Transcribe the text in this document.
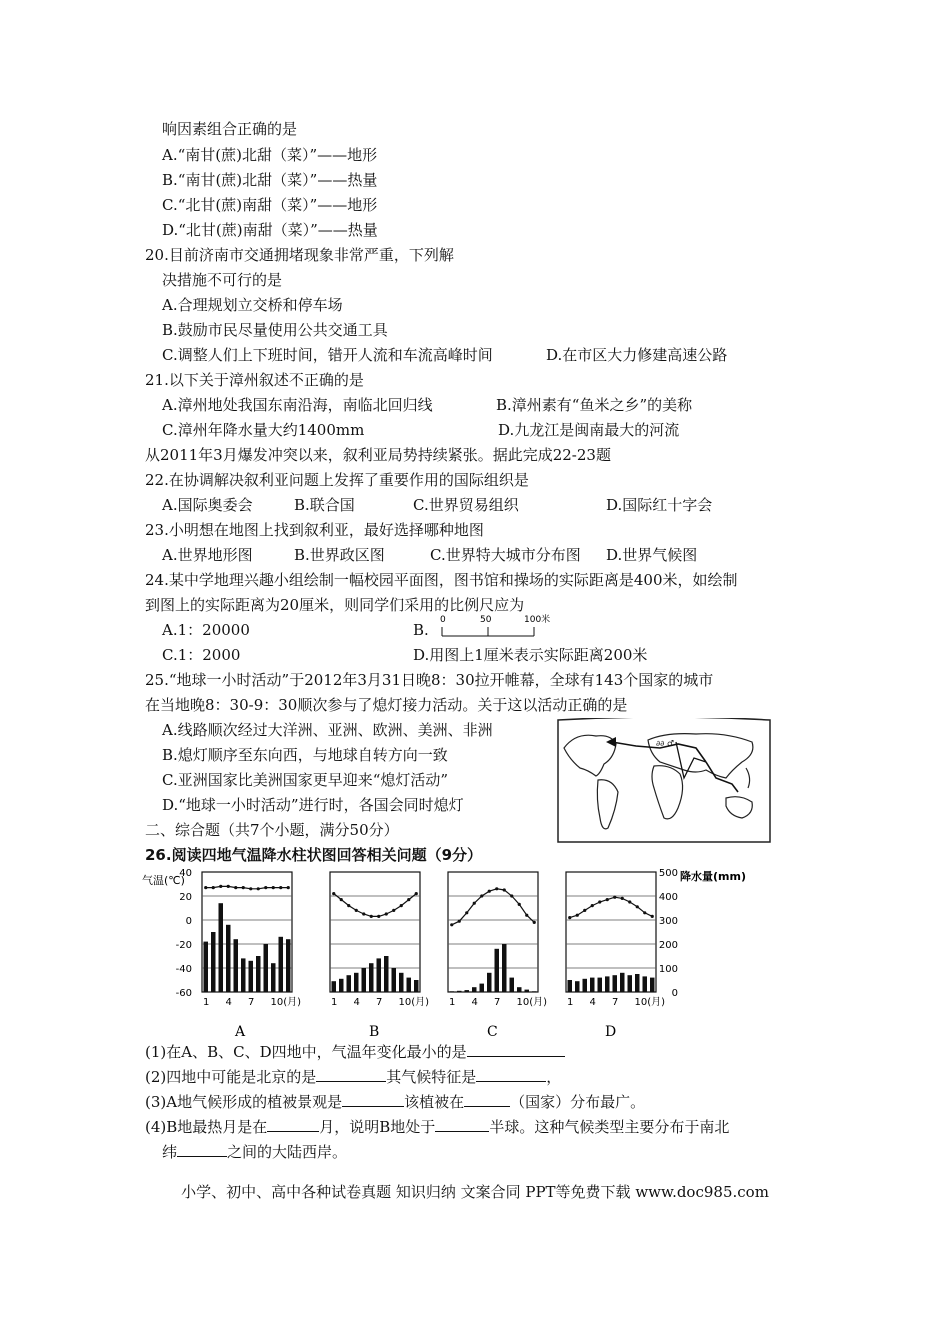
响因素组合正确的是
A.“南甘(蔗)北甜（菜）”——地形
B.“南甘(蔗)北甜（菜）”——热量
C.“北甘(蔗)南甜（菜）”——地形
D.“北甘(蔗)南甜（菜）”——热量
20.目前济南市交通拥堵现象非常严重，下列解
决措施不可行的是
A.合理规划立交桥和停车场
B.鼓励市民尽量使用公共交通工具
C.调整人们上下班时间，错开人流和车流高峰时间	D.在市区大力修建高速公路
21.以下关于漳州叙述不正确的是
A.漳州地处我国东南沿海，南临北回归线	B.漳州素有“鱼米之乡”的美称
C.漳州年降水量大约1400mm	D.九龙江是闽南最大的河流
从2011年3月爆发冲突以来，叙利亚局势持续紧张。据此完成22-23题
22.在协调解决叙利亚问题上发挥了重要作用的国际组织是
A.国际奥委会	B.联合国	C.世界贸易组织	D.国际红十字会
23.小明想在地图上找到叙利亚，最好选择哪种地图
A.世界地形图	B.世界政区图	C.世界特大城市分布图 D.世界气候图
24.某中学地理兴趣小组绘制一幅校园平面图，图书馆和操场的实际距离是400米，如绘制
到图上的实际距离为20厘米，则同学们采用的比例尺应为
A.1：20000	B.
0	50	100米
C.1：2000	D.用图上1厘米表示实际距离200米
25.“地球一小时活动”于2012年3月31日晚8：30拉开帷幕，全球有143个国家的城市
在当地晚8：30-9：30顺次参与了熄灯接力活动。关于这以活动正确的是
A.线路顺次经过大洋洲、亚洲、欧洲、美洲、非洲
B.熄灯顺序至东向西，与地球自转方向一致
C.亚洲国家比美洲国家更早迎来“熄灯活动”
D.“地球一小时活动”进行时，各国会同时熄灯
二、综合题（共7个小题，满分50分）
26.阅读四地气温降水柱状图回答相关问题（9分）
∂∂ ♂
气温(℃)	降水量(mm)
40
20
0
-20
-40
-60
500
400
300
200
100
0
1 4 7 10(月)
A
1 4 7 10(月)
B
1 4 7 10(月)
C
1 4 7 10(月)
D
(1)在A、B、C、D四地中，气温年变化最小的是
(2)四地中可能是北京的是	其气候特征是	，
(3)A地气候形成的植被景观是	该植被在	（国家）分布最广。
(4)B地最热月是在	月，说明B地处于	半球。这种气候类型主要分布于南北
纬	之间的大陆西岸。
小学、初中、高中各种试卷真题 知识归纳 文案合同 PPT等免费下载 www.doc985.com
